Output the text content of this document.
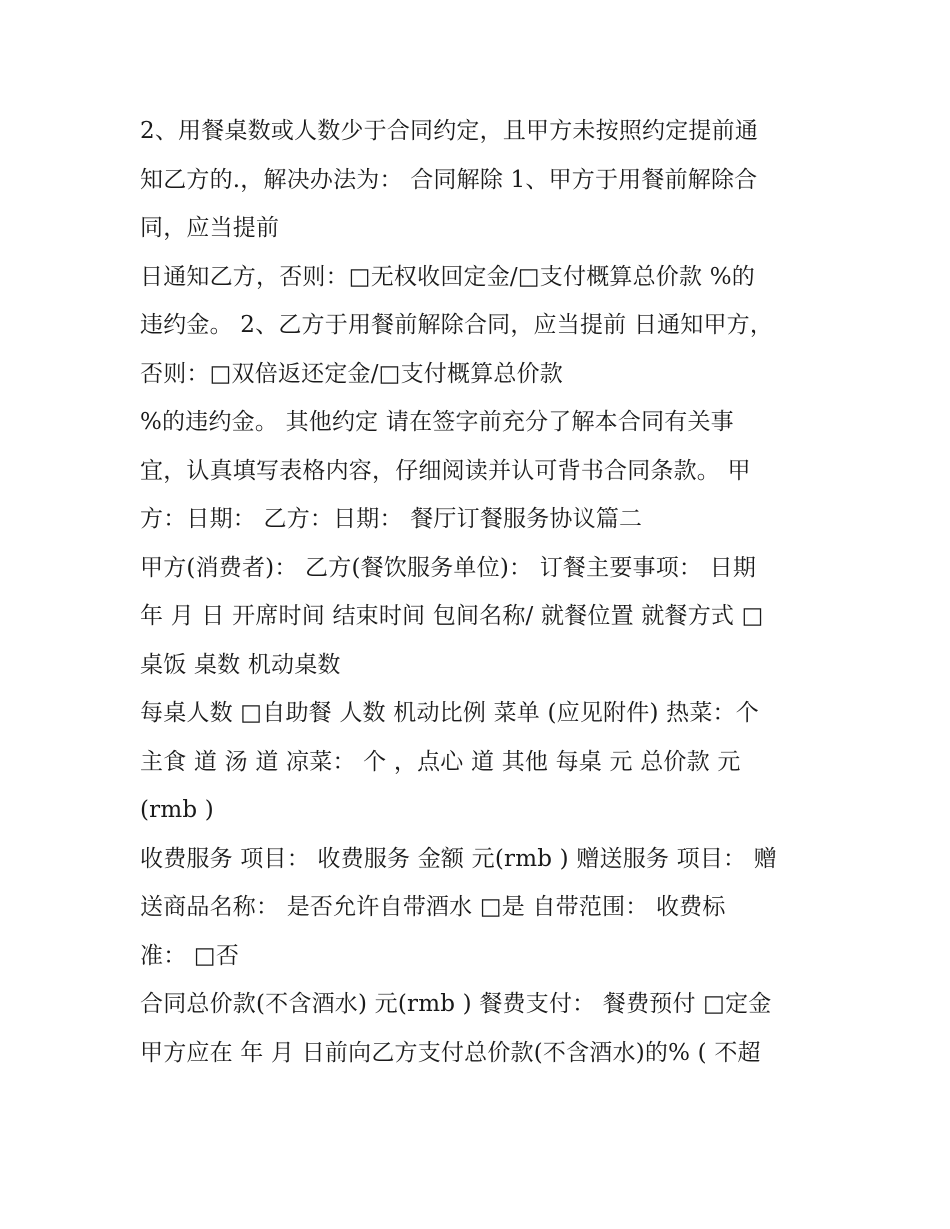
2、用餐桌数或人数少于合同约定，且甲方未按照约定提前通
知乙方的.，解决办法为： 合同解除 1、甲方于用餐前解除合
同，应当提前
日通知乙方，否则：□无权收回定金/□支付概算总价款 %的
违约金。 2、乙方于用餐前解除合同，应当提前 日通知甲方，
否则：□双倍返还定金/□支付概算总价款
%的违约金。 其他约定 请在签字前充分了解本合同有关事
宜，认真填写表格内容，仔细阅读并认可背书合同条款。 甲
方：日期： 乙方：日期： 餐厅订餐服务协议篇二
甲方(消费者)： 乙方(餐饮服务单位)： 订餐主要事项： 日期
年 月 日 开席时间 结束时间 包间名称/ 就餐位置 就餐方式 □
桌饭 桌数 机动桌数
每桌人数 □自助餐 人数 机动比例 菜单 (应见附件) 热菜：个
主食 道 汤 道 凉菜： 个 ，点心 道 其他 每桌 元 总价款 元
(rmb )
收费服务 项目： 收费服务 金额 元(rmb ) 赠送服务 项目： 赠
送商品名称： 是否允许自带酒水 □是 自带范围： 收费标
准： □否
合同总价款(不含酒水) 元(rmb ) 餐费支付： 餐费预付 □定金
甲方应在 年 月 日前向乙方支付总价款(不含酒水)的% ( 不超
